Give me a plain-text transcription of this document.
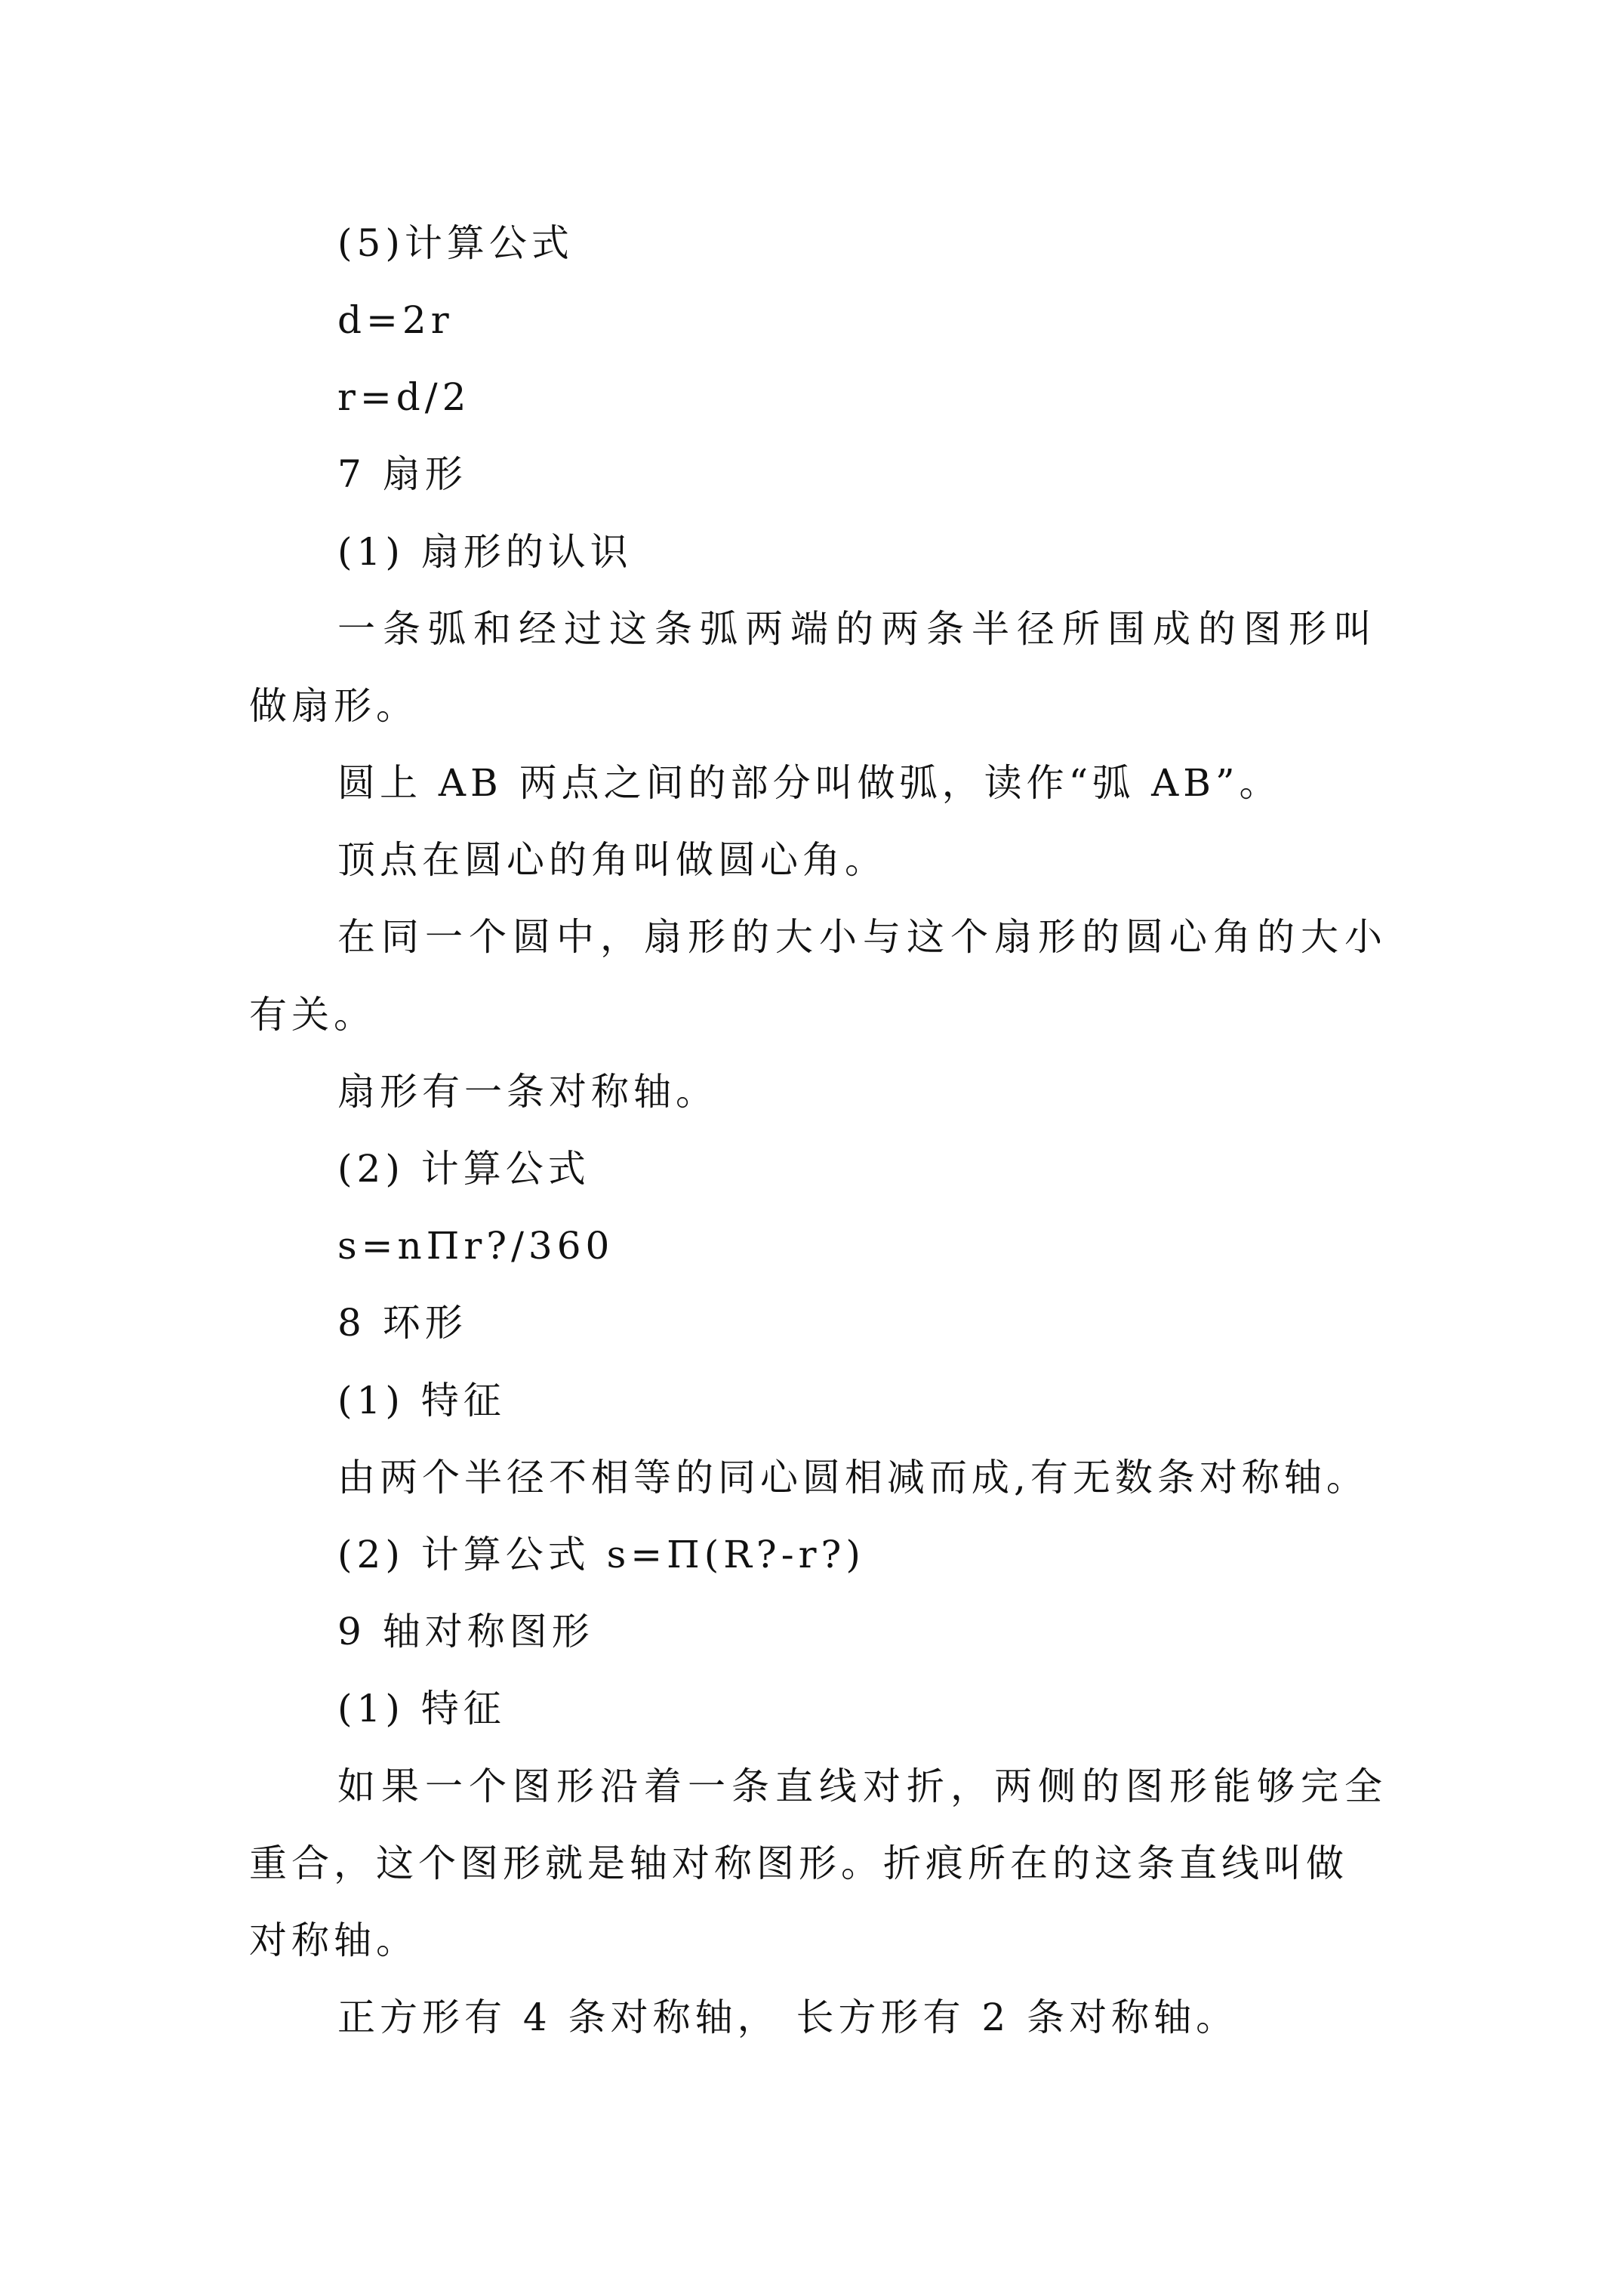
(5)计算公式
d=2r
r=d/2
7 扇形
(1) 扇形的认识
一条弧和经过这条弧两端的两条半径所围成的图形叫
做扇形。
圆上 AB 两点之间的部分叫做弧，读作“弧 AB”。
顶点在圆心的角叫做圆心角。
在同一个圆中，扇形的大小与这个扇形的圆心角的大小
有关。
扇形有一条对称轴。
(2) 计算公式
s=nΠr?/360
8 环形
(1) 特征
由两个半径不相等的同心圆相减而成,有无数条对称轴。
(2) 计算公式 s=Π(R?-r?)
9 轴对称图形
(1) 特征
如果一个图形沿着一条直线对折，两侧的图形能够完全
重合，这个图形就是轴对称图形。折痕所在的这条直线叫做
对称轴。
正方形有 4 条对称轴， 长方形有 2 条对称轴。
